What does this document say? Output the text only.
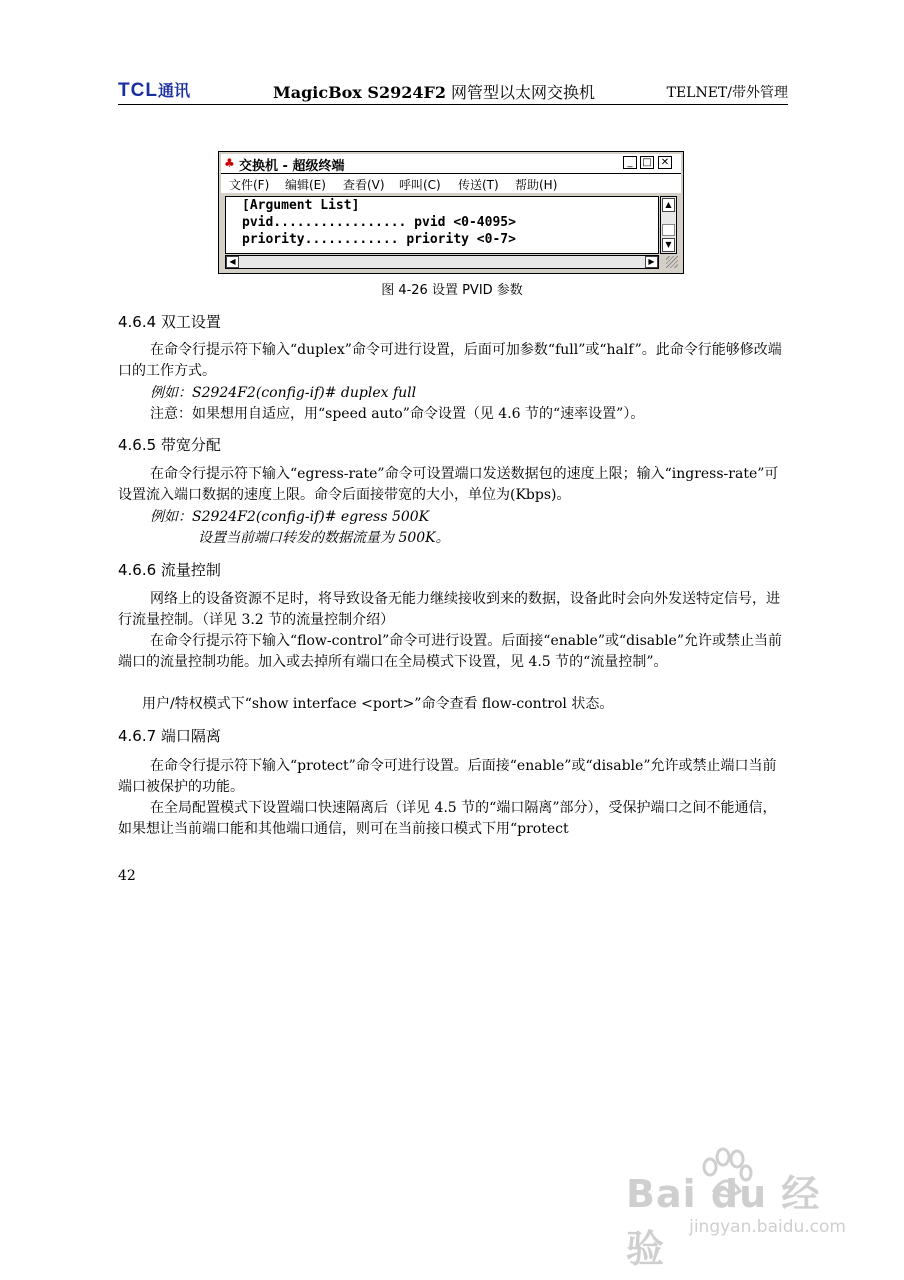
TCL通讯	MagicBox S2924F2 网管型以太网交换机	TELNET/带外管理
♣ 交换机 - 超级终端	_ □ ✕
文件(F) 编辑(E) 查看(V) 呼叫(C) 传送(T) 帮助(H)
[Argument List]
pvid................. pvid <0-4095>
priority............ priority <0-7>
▲
▼
◀	▶
图 4-26 设置 PVID 参数
4.6.4 双工设置
在命令行提示符下输入“duplex”命令可进行设置，后面可加参数“full”或“half”。此命令行能够修改端口的工作方式。
例如：S2924F2(config-if)# duplex full
注意：如果想用自适应，用“speed auto”命令设置（见 4.6 节的“速率设置”）。
4.6.5 带宽分配
在命令行提示符下输入“egress-rate”命令可设置端口发送数据包的速度上限；输入“ingress-rate”可设置流入端口数据的速度上限。命令后面接带宽的大小，单位为(Kbps)。
例如：S2924F2(config-if)# egress 500K
设置当前端口转发的数据流量为 500K。
4.6.6 流量控制
网络上的设备资源不足时，将导致设备无能力继续接收到来的数据，设备此时会向外发送特定信号，进行流量控制。（详见 3.2 节的流量控制介绍）
在命令行提示符下输入“flow-control”命令可进行设置。后面接“enable”或“disable”允许或禁止当前端口的流量控制功能。加入或去掉所有端口在全局模式下设置，见 4.5 节的“流量控制”。
用户/特权模式下“show interface <port>”命令查看 flow-control 状态。
4.6.7 端口隔离
在命令行提示符下输入“protect”命令可进行设置。后面接“enable”或“disable”允许或禁止端口当前端口被保护的功能。
在全局配置模式下设置端口快速隔离后（详见 4.5 节的“端口隔离”部分），受保护端口之间不能通信，如果想让当前端口能和其他端口通信，则可在当前接口模式下用“protect
42
Bai du 经验	jingyan.baidu.com
